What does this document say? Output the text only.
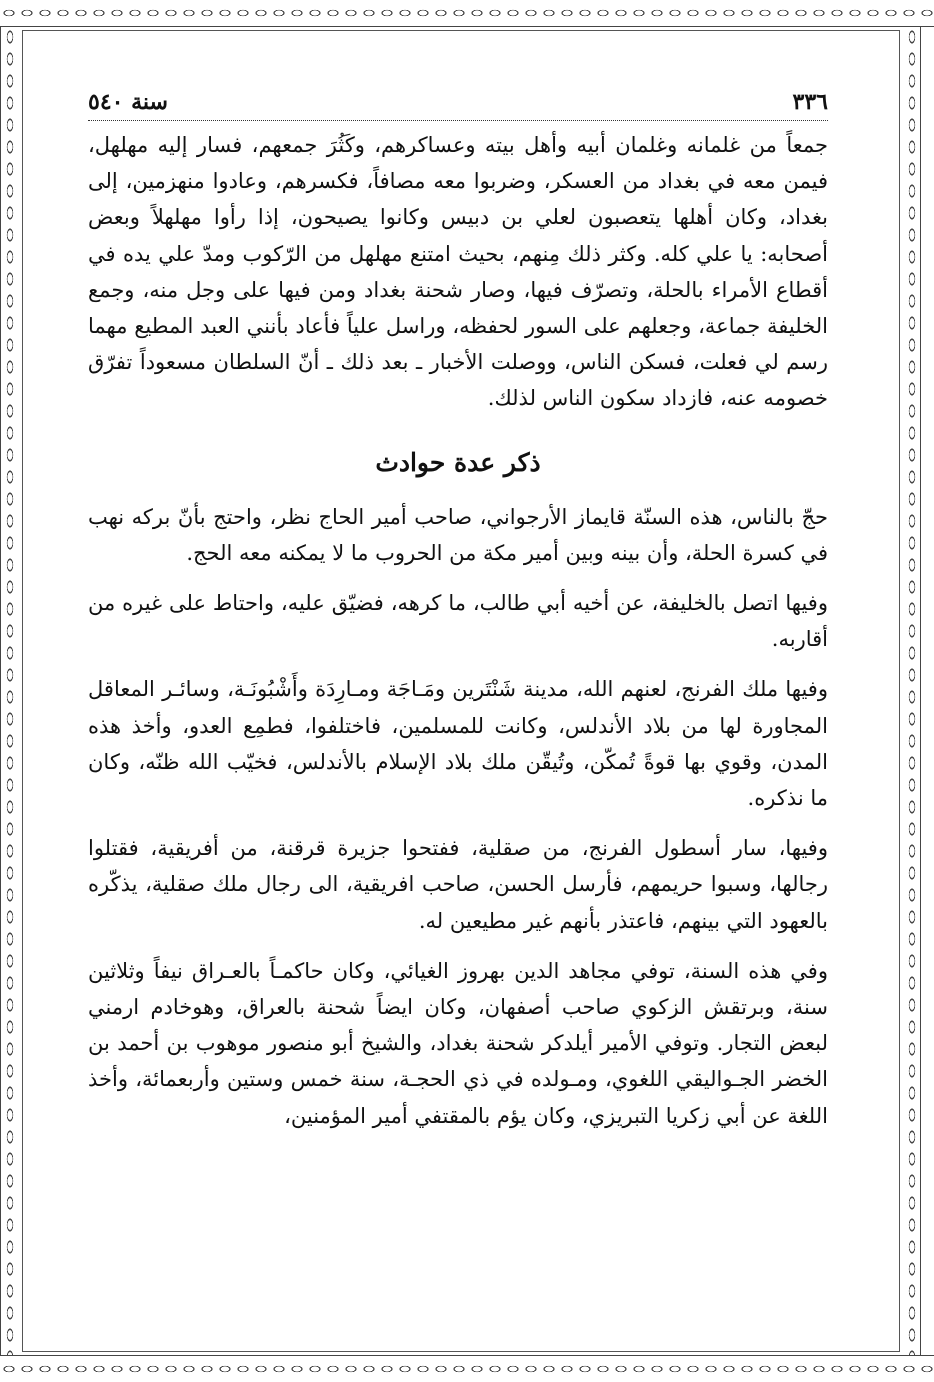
٣٣٦
سنة ٥٤٠

جمعاً من غلمانه وغلمان أبيه وأهل بيته وعساكرهم، وكَثُرَ جمعهم، فسار إليه مهلهل، فيمن معه في بغداد من العسكر، وضربوا معه مصافاً، فكسرهم، وعادوا منهزمين، إلى بغداد، وكان أهلها يتعصبون لعلي بن دبيس وكانوا يصيحون، إذا رأوا مهلهلاً وبعض أصحابه: يا علي كله. وكثر ذلك مِنهم، بحيث امتنع مهلهل من الرّكوب ومدّ علي يده في أقطاع الأمراء بالحلة، وتصرّف فيها، وصار شحنة بغداد ومن فيها على وجل منه، وجمع الخليفة جماعة، وجعلهم على السور لحفظه، وراسل علياً فأعاد بأنني العبد المطيع مهما رسم لي فعلت، فسكن الناس، ووصلت الأخبار ـ بعد ذلك ـ أنّ السلطان مسعوداً تفرّق خصومه عنه، فازداد سكون الناس لذلك.

ذكر عدة حوادث

حجّ بالناس، هذه السنّة قايماز الأرجواني، صاحب أمير الحاج نظر، واحتج بأنّ بركه نهب في كسرة الحلة، وأن بينه وبين أمير مكة من الحروب ما لا يمكنه معه الحج.

وفيها اتصل بالخليفة، عن أخيه أبي طالب، ما كرهه، فضيّق عليه، واحتاط على غيره من أقاربه.

وفيها ملك الفرنج، لعنهم الله، مدينة شَنْتَرين ومَـاجَة ومـارِدَة وأَشْبُونَـة، وسائـر المعاقل المجاورة لها من بلاد الأندلس، وكانت للمسلمين، فاختلفوا، فطمِع العدو، وأخذ هذه المدن، وقوي بها قوةً تُمكّن، وتُيقّن ملك بلاد الإسلام بالأندلس، فخيّب الله ظنّه، وكان ما نذكره.

وفيها، سار أسطول الفرنج، من صقلية، ففتحوا جزيرة قرقنة، من أفريقية، فقتلوا رجالها، وسبوا حريمهم، فأرسل الحسن، صاحب افريقية، الى رجال ملك صقلية، يذكّره بالعهود التي بينهم، فاعتذر بأنهم غير مطيعين له.

وفي هذه السنة، توفي مجاهد الدين بهروز الغيائي، وكان حاكمـاً بالعـراق نيفاً وثلاثين سنة، وبرتقش الزكوي صاحب أصفهان، وكان ايضاً شحنة بالعراق، وهوخادم ارمني لبعض التجار. وتوفي الأمير أيلدكر شحنة بغداد، والشيخ أبو منصور موهوب بن أحمد بن الخضر الجـواليقي اللغوي، ومـولده في ذي الحجـة، سنة خمس وستين وأربعمائة، وأخذ اللغة عن أبي زكريا التبريزي، وكان يؤم بالمقتفي أمير المؤمنين،
